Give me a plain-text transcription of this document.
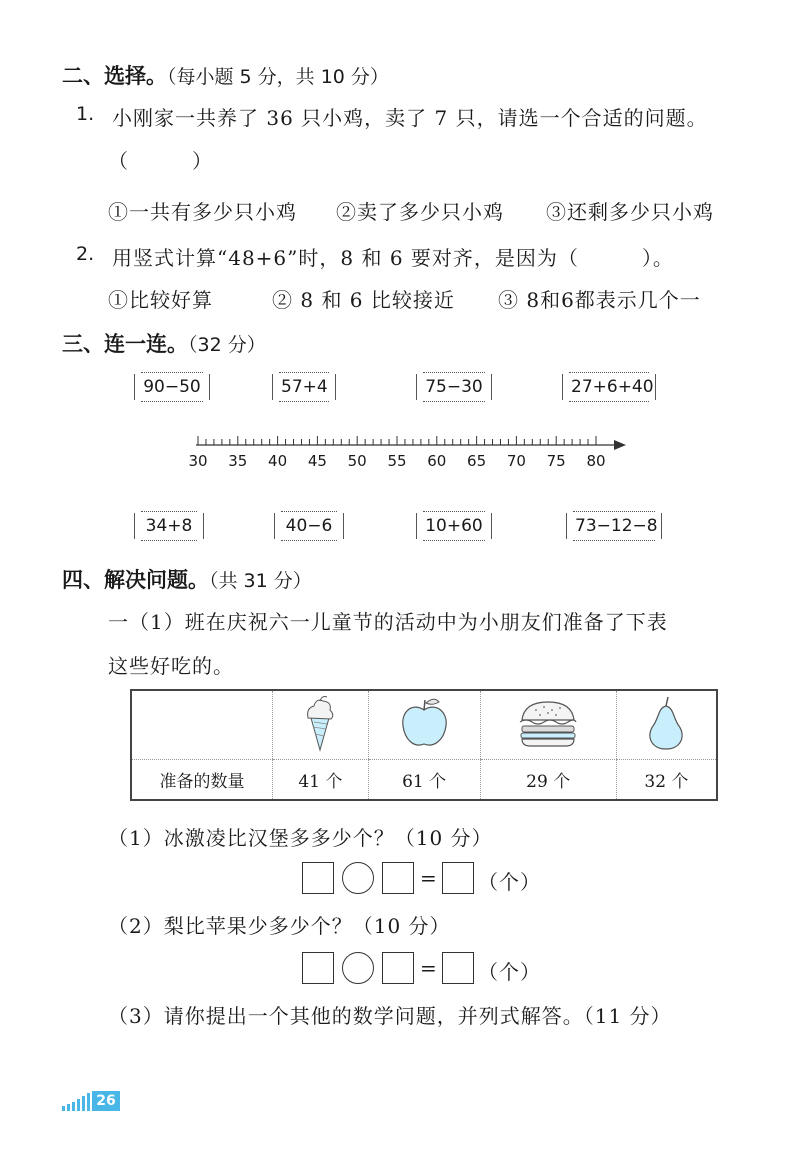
二、选择。（每小题 5 分，共 10 分）
1. 小刚家一共养了 36 只小鸡，卖了 7 只，请选一个合适的问题。
（　　　）
①一共有多少只小鸡 ②卖了多少只小鸡 ③还剩多少只小鸡
2. 用竖式计算“48+6”时，8 和 6 要对齐，是因为（　　　）。
①比较好算	② 8 和 6 比较接近 ③ 8和6都表示几个一
三、连一连。（32 分）
90−50	57+4	75−30	27+6+40
30 35 40 45 50 55 60 65 70 75 80
34+8	40−6	10+60	73−12−8
四、解决问题。（共 31 分）
一（1）班在庆祝六一儿童节的活动中为小朋友们准备了下表
这些好吃的。

准备的数量	41 个	61 个	29 个	32 个
（1）冰激凌比汉堡多多少个？（10 分）
= （个）
（2）梨比苹果少多少个？（10 分）
= （个）
（3）请你提出一个其他的数学问题，并列式解答。（11 分）
26
